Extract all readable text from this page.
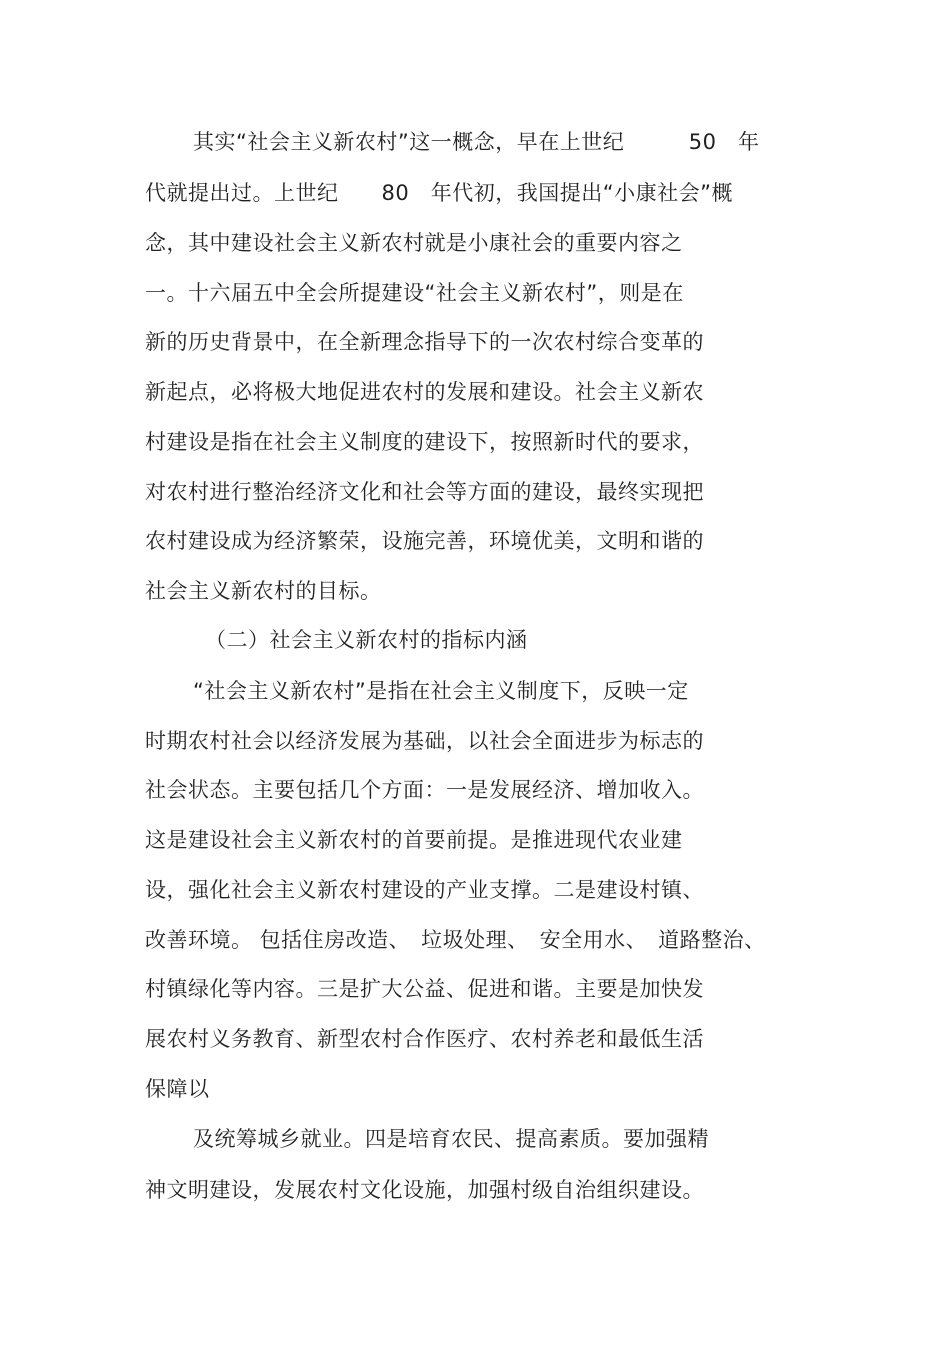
其实“社会主义新农村”这一概念，早在上世纪　　　50　年
代就提出过。上世纪　　80　年代初，我国提出“小康社会”概
念，其中建设社会主义新农村就是小康社会的重要内容之
一。十六届五中全会所提建设“社会主义新农村”，则是在
新的历史背景中，在全新理念指导下的一次农村综合变革的
新起点，必将极大地促进农村的发展和建设。社会主义新农
村建设是指在社会主义制度的建设下，按照新时代的要求，
对农村进行整治经济文化和社会等方面的建设，最终实现把
农村建设成为经济繁荣，设施完善，环境优美，文明和谐的
社会主义新农村的目标。
（二）社会主义新农村的指标内涵
“社会主义新农村”是指在社会主义制度下，反映一定
时期农村社会以经济发展为基础，以社会全面进步为标志的
社会状态。主要包括几个方面：一是发展经济、增加收入。
这是建设社会主义新农村的首要前提。是推进现代农业建
设，强化社会主义新农村建设的产业支撑。二是建设村镇、
改善环境。 包括住房改造、　垃圾处理、　安全用水、　道路整治、
村镇绿化等内容。三是扩大公益、促进和谐。主要是加快发
展农村义务教育、新型农村合作医疗、农村养老和最低生活
保障以
及统筹城乡就业。四是培育农民、提高素质。要加强精
神文明建设，发展农村文化设施，加强村级自治组织建设。
